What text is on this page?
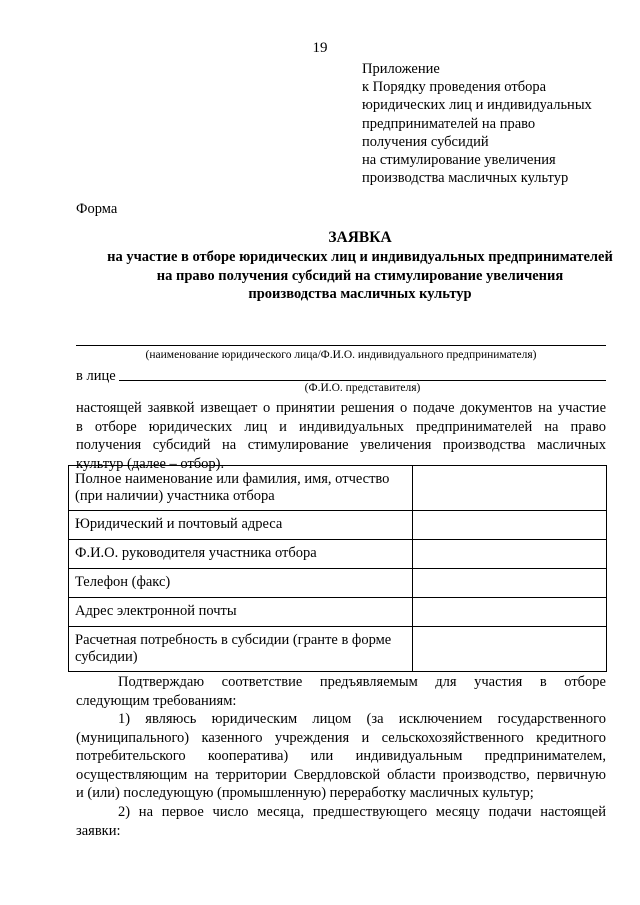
19
Приложение
к Порядку проведения отбора
юридических лиц и индивидуальных
предпринимателей на право
получения субсидий
на стимулирование увеличения
производства масличных культур
Форма
ЗАЯВКА
на участие в отборе юридических лиц и индивидуальных предпринимателей
на право получения субсидий на стимулирование увеличения
производства масличных культур
(наименование юридического лица/Ф.И.О. индивидуального предпринимателя)
в лице
(Ф.И.О. представителя)
настоящей заявкой извещает о принятии решения о подаче документов на участие
в отборе юридических лиц и индивидуальных предпринимателей на право
получения субсидий на стимулирование увеличения производства масличных
культур (далее – отбор).
Полное наименование или фамилия, имя, отчество (при наличии) участника отбора	
Юридический и почтовый адреса	
Ф.И.О. руководителя участника отбора	
Телефон (факс)	
Адрес электронной почты	
Расчетная потребность в субсидии (гранте в форме субсидии)	
Подтверждаю соответствие предъявляемым для участия в отборе
следующим требованиям:
1) являюсь юридическим лицом (за исключением государственного
(муниципального) казенного учреждения и сельскохозяйственного кредитного
потребительского кооператива) или индивидуальным предпринимателем,
осуществляющим на территории Свердловской области производство, первичную
и (или) последующую (промышленную) переработку масличных культур;
2) на первое число месяца, предшествующего месяцу подачи настоящей
заявки:
